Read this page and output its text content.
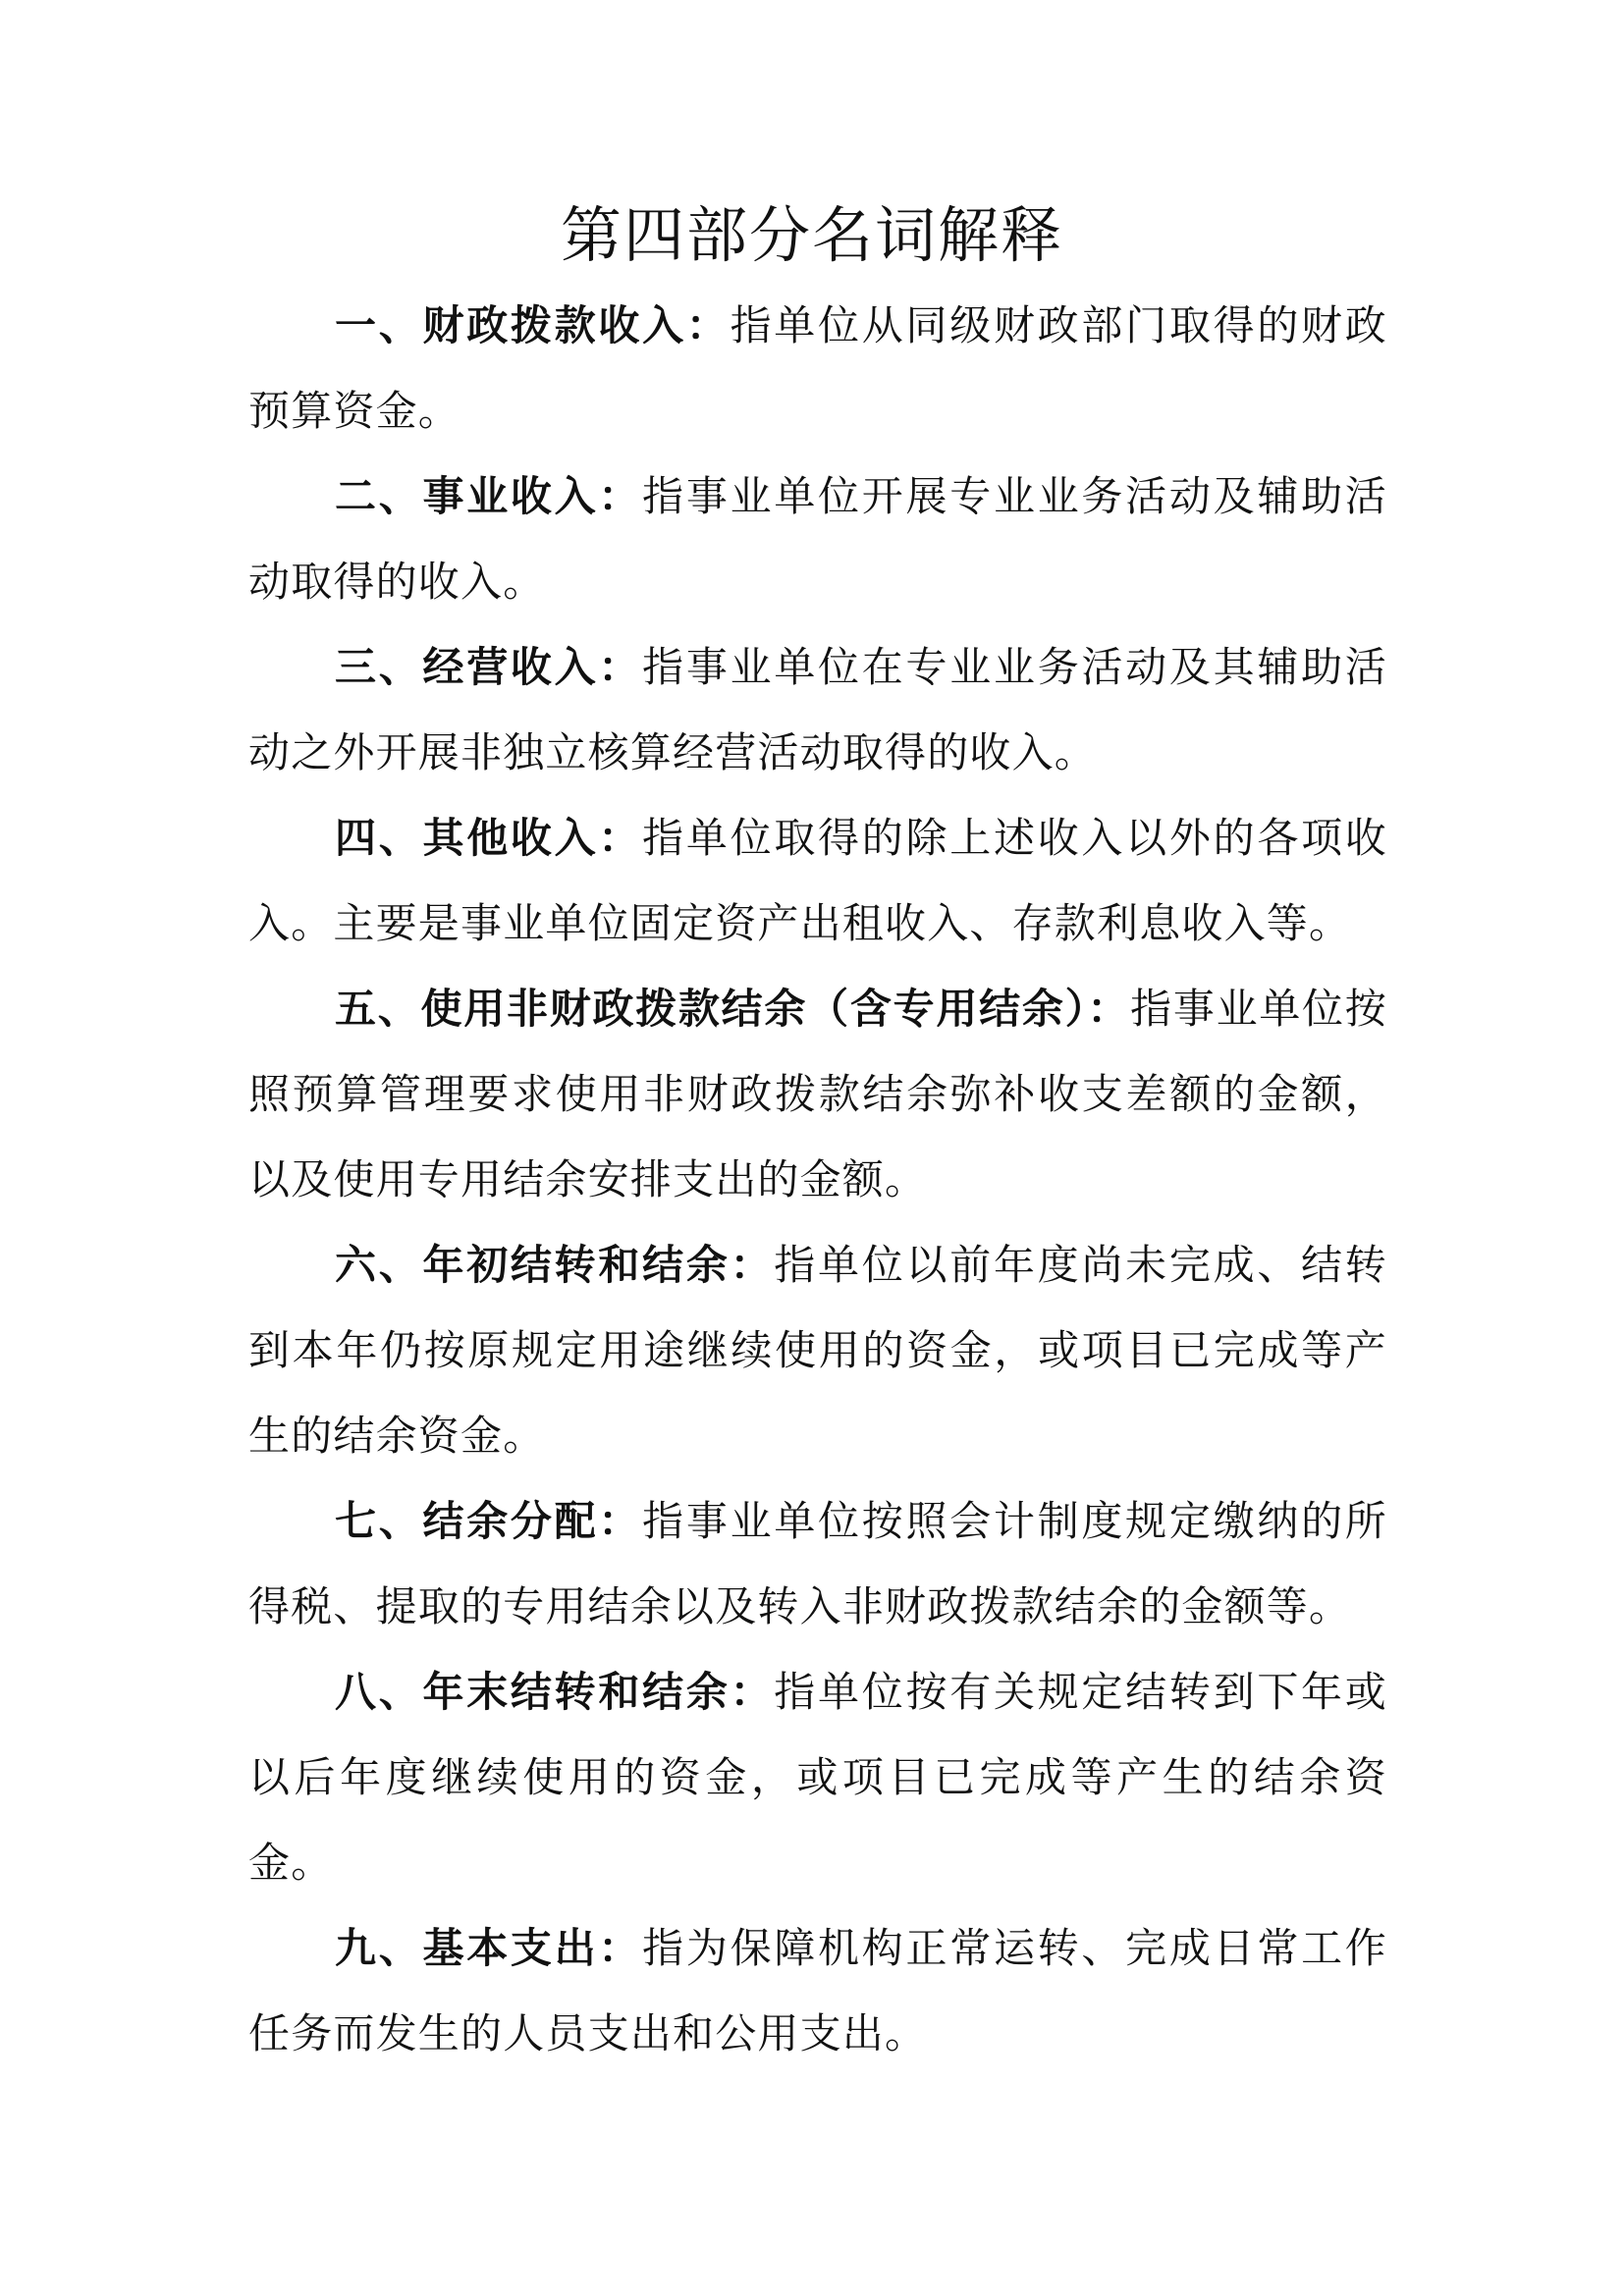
第四部分名词解释

一、财政拨款收入：指单位从同级财政部门取得的财政预算资金。

二、事业收入：指事业单位开展专业业务活动及辅助活动取得的收入。

三、经营收入：指事业单位在专业业务活动及其辅助活动之外开展非独立核算经营活动取得的收入。

四、其他收入：指单位取得的除上述收入以外的各项收入。主要是事业单位固定资产出租收入、存款利息收入等。

五、使用非财政拨款结余（含专用结余）：指事业单位按照预算管理要求使用非财政拨款结余弥补收支差额的金额，以及使用专用结余安排支出的金额。

六、年初结转和结余：指单位以前年度尚未完成、结转到本年仍按原规定用途继续使用的资金，或项目已完成等产生的结余资金。

七、结余分配：指事业单位按照会计制度规定缴纳的所得税、提取的专用结余以及转入非财政拨款结余的金额等。

八、年末结转和结余：指单位按有关规定结转到下年或以后年度继续使用的资金，或项目已完成等产生的结余资金。

九、基本支出：指为保障机构正常运转、完成日常工作任务而发生的人员支出和公用支出。
